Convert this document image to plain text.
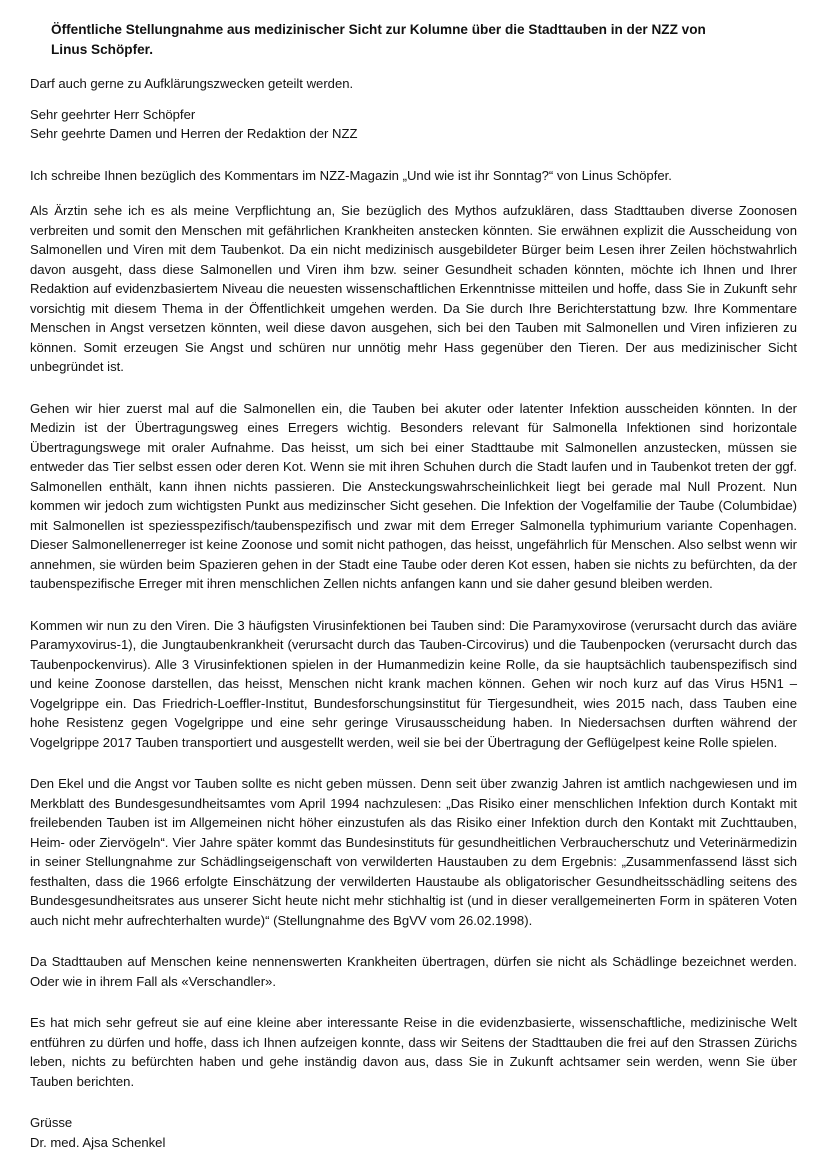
Öffentliche Stellungnahme aus medizinischer Sicht zur Kolumne über die Stadttauben in der NZZ von Linus Schöpfer.

Darf auch gerne zu Aufklärungszwecken geteilt werden.

Sehr geehrter Herr Schöpfer

Sehr geehrte Damen und Herren der Redaktion der NZZ

Ich schreibe Ihnen bezüglich des Kommentars im NZZ-Magazin „Und wie ist ihr Sonntag?“ von Linus Schöpfer.

Als Ärztin sehe ich es als meine Verpflichtung an, Sie bezüglich des Mythos aufzuklären, dass Stadttauben diverse Zoonosen verbreiten und somit den Menschen mit gefährlichen Krankheiten anstecken könnten. Sie erwähnen explizit die Ausscheidung von Salmonellen und Viren mit dem Taubenkot. Da ein nicht medizinisch ausgebildeter Bürger beim Lesen ihrer Zeilen höchstwahrlich davon ausgeht, dass diese Salmonellen und Viren ihm bzw. seiner Gesundheit schaden könnten, möchte ich Ihnen und Ihrer Redaktion auf evidenzbasiertem Niveau die neuesten wissenschaftlichen Erkenntnisse mitteilen und hoffe, dass Sie in Zukunft sehr vorsichtig mit diesem Thema in der Öffentlichkeit umgehen werden. Da Sie durch Ihre Berichterstattung bzw. Ihre Kommentare Menschen in Angst versetzen könnten, weil diese davon ausgehen, sich bei den Tauben mit Salmonellen und Viren infizieren zu können. Somit erzeugen Sie Angst und schüren nur unnötig mehr Hass gegenüber den Tieren. Der aus medizinischer Sicht unbegründet ist.

Gehen wir hier zuerst mal auf die Salmonellen ein, die Tauben bei akuter oder latenter Infektion ausscheiden könnten. In der Medizin ist der Übertragungsweg eines Erregers wichtig. Besonders relevant für Salmonella Infektionen sind horizontale Übertragungswege mit oraler Aufnahme. Das heisst, um sich bei einer Stadttaube mit Salmonellen anzustecken, müssen sie entweder das Tier selbst essen oder deren Kot. Wenn sie mit ihren Schuhen durch die Stadt laufen und in Taubenkot treten der ggf. Salmonellen enthält, kann ihnen nichts passieren. Die Ansteckungswahrscheinlichkeit liegt bei gerade mal Null Prozent. Nun kommen wir jedoch zum wichtigsten Punkt aus medizinscher Sicht gesehen. Die Infektion der Vogelfamilie der Taube (Columbidae) mit Salmonellen ist speziesspezifisch/taubenspezifisch und zwar mit dem Erreger Salmonella typhimurium variante Copenhagen. Dieser Salmonellenerreger ist keine Zoonose und somit nicht pathogen, das heisst, ungefährlich für Menschen. Also selbst wenn wir annehmen, sie würden beim Spazieren gehen in der Stadt eine Taube oder deren Kot essen, haben sie nichts zu befürchten, da der taubenspezifische Erreger mit ihren menschlichen Zellen nichts anfangen kann und sie daher gesund bleiben werden.

Kommen wir nun zu den Viren. Die 3 häufigsten Virusinfektionen bei Tauben sind: Die Paramyxovirose (verursacht durch das aviäre Paramyxovirus-1), die Jungtaubenkrankheit (verursacht durch das Tauben-Circovirus) und die Taubenpocken (verursacht durch das Taubenpockenvirus). Alle 3 Virusinfektionen spielen in der Humanmedizin keine Rolle, da sie hauptsächlich taubenspezifisch sind und keine Zoonose darstellen, das heisst, Menschen nicht krank machen können. Gehen wir noch kurz auf das Virus H5N1 – Vogelgrippe ein. Das Friedrich-Loeffler-Institut, Bundesforschungsinstitut für Tiergesundheit, wies 2015 nach, dass Tauben eine hohe Resistenz gegen Vogelgrippe und eine sehr geringe Virusausscheidung haben. In Niedersachsen durften während der Vogelgrippe 2017 Tauben transportiert und ausgestellt werden, weil sie bei der Übertragung der Geflügelpest keine Rolle spielen.

Den Ekel und die Angst vor Tauben sollte es nicht geben müssen. Denn seit über zwanzig Jahren ist amtlich nachgewiesen und im Merkblatt des Bundesgesundheitsamtes vom April 1994 nachzulesen: „Das Risiko einer menschlichen Infektion durch Kontakt mit freilebenden Tauben ist im Allgemeinen nicht höher einzustufen als das Risiko einer Infektion durch den Kontakt mit Zuchttauben, Heim- oder Ziervögeln“. Vier Jahre später kommt das Bundesinstituts für gesundheitlichen Verbraucherschutz und Veterinärmedizin in seiner Stellungnahme zur Schädlingseigenschaft von verwilderten Haustauben zu dem Ergebnis: „Zusammenfassend lässt sich festhalten, dass die 1966 erfolgte Einschätzung der verwilderten Haustaube als obligatorischer Gesundheitsschädling seitens des Bundesgesundheitsrates aus unserer Sicht heute nicht mehr stichhaltig ist (und in dieser verallgemeinerten Form in späteren Voten auch nicht mehr aufrechterhalten wurde)“ (Stellungnahme des BgVV vom 26.02.1998).

Da Stadttauben auf Menschen keine nennenswerten Krankheiten übertragen, dürfen sie nicht als Schädlinge bezeichnet werden. Oder wie in ihrem Fall als «Verschandler».

Es hat mich sehr gefreut sie auf eine kleine aber interessante Reise in die evidenzbasierte, wissenschaftliche, medizinische Welt entführen zu dürfen und hoffe, dass ich Ihnen aufzeigen konnte, dass wir Seitens der Stadttauben die frei auf den Strassen Zürichs leben, nichts zu befürchten haben und gehe inständig davon aus, dass Sie in Zukunft achtsamer sein werden, wenn Sie über Tauben berichten.

Grüsse

Dr. med. Ajsa Schenkel
